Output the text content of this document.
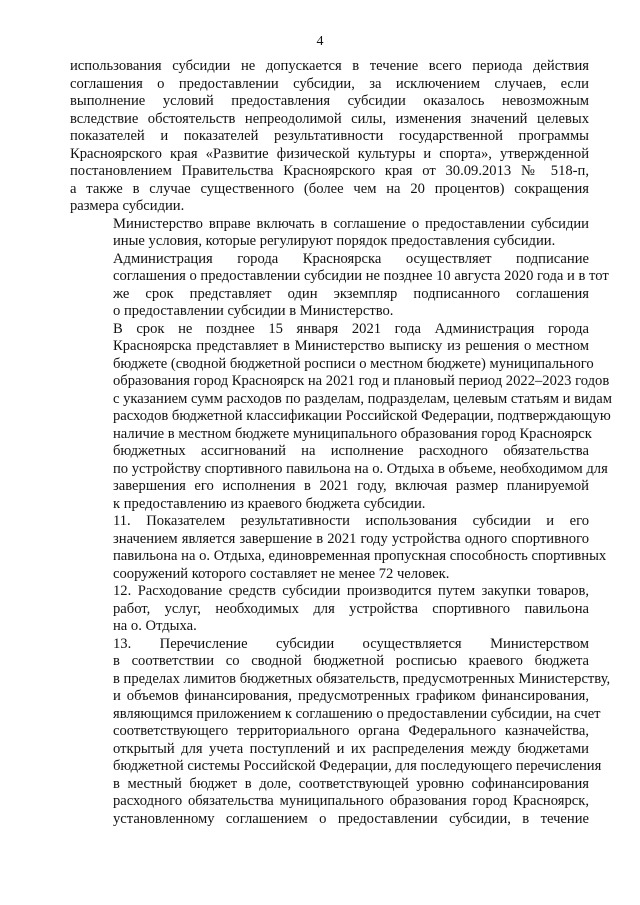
4

использования субсидии не допускается в течение всего периода действия
соглашения о предоставлении субсидии, за исключением случаев, если
выполнение условий предоставления субсидии оказалось невозможным
вследствие обстоятельств непреодолимой силы, изменения значений целевых
показателей и показателей результативности государственной программы
Красноярского края «Развитие физической культуры и спорта», утвержденной
постановлением Правительства Красноярского края от 30.09.2013 № 518-п,
а также в случае существенного (более чем на 20 процентов) сокращения
размера субсидии.

Министерство вправе включать в соглашение о предоставлении субсидии
иные условия, которые регулируют порядок предоставления субсидии.

Администрация города Красноярска осуществляет подписание
соглашения о предоставлении субсидии не позднее 10 августа 2020 года и в тот
же срок представляет один экземпляр подписанного соглашения
о предоставлении субсидии в Министерство.

В срок не позднее 15 января 2021 года Администрация города
Красноярска представляет в Министерство выписку из решения о местном
бюджете (сводной бюджетной росписи о местном бюджете) муниципального
образования город Красноярск на 2021 год и плановый период 2022–2023 годов
с указанием сумм расходов по разделам, подразделам, целевым статьям и видам
расходов бюджетной классификации Российской Федерации, подтверждающую
наличие в местном бюджете муниципального образования город Красноярск
бюджетных ассигнований на исполнение расходного обязательства
по устройству спортивного павильона на о. Отдыха в объеме, необходимом для
завершения его исполнения в 2021 году, включая размер планируемой
к предоставлению из краевого бюджета субсидии.

11. Показателем результативности использования субсидии и его
значением является завершение в 2021 году устройства одного спортивного
павильона на о. Отдыха, единовременная пропускная способность спортивных
сооружений которого составляет не менее 72 человек.

12. Расходование средств субсидии производится путем закупки товаров,
работ, услуг, необходимых для устройства спортивного павильона
на о. Отдыха.

13. Перечисление субсидии осуществляется Министерством
в соответствии со сводной бюджетной росписью краевого бюджета
в пределах лимитов бюджетных обязательств, предусмотренных Министерству,
и объемов финансирования, предусмотренных графиком финансирования,
являющимся приложением к соглашению о предоставлении субсидии, на счет
соответствующего территориального органа Федерального казначейства,
открытый для учета поступлений и их распределения между бюджетами
бюджетной системы Российской Федерации, для последующего перечисления
в местный бюджет в доле, соответствующей уровню софинансирования
расходного обязательства муниципального образования город Красноярск,
установленному соглашением о предоставлении субсидии, в течение
